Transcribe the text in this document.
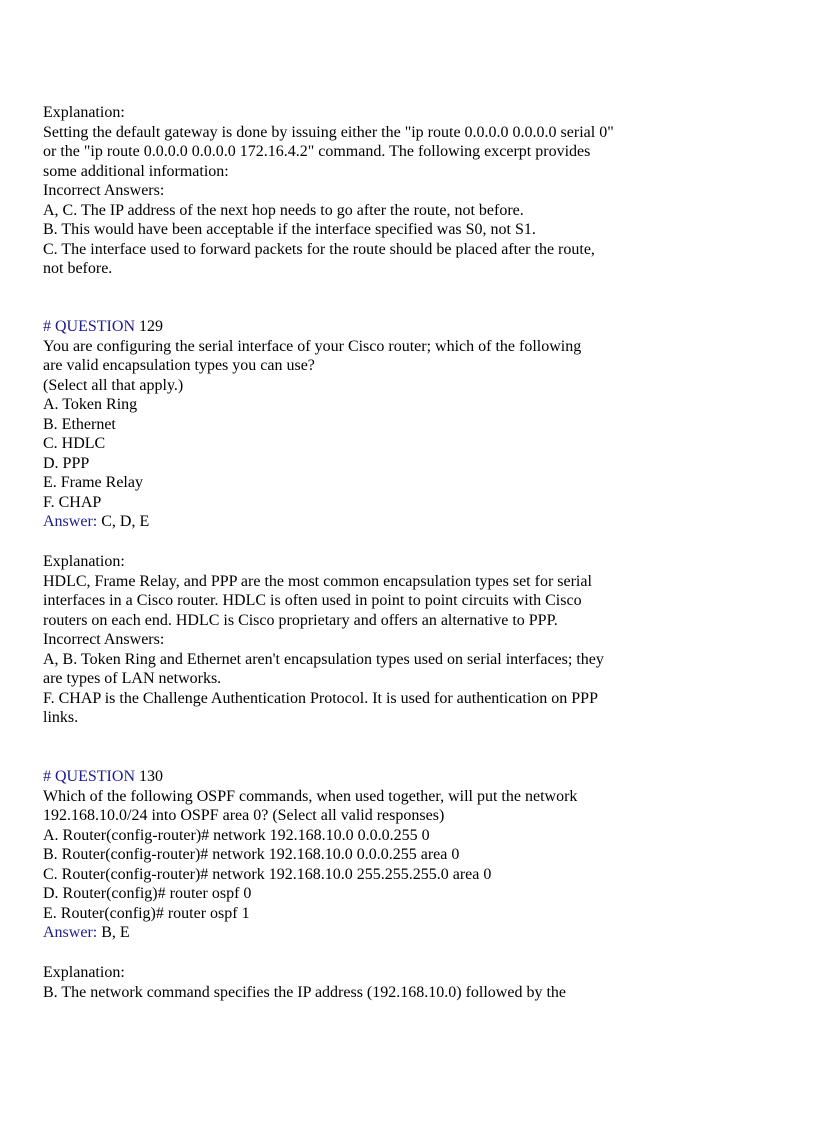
Explanation:
Setting the default gateway is done by issuing either the "ip route 0.0.0.0 0.0.0.0 serial 0"
or the "ip route 0.0.0.0 0.0.0.0 172.16.4.2" command. The following excerpt provides
some additional information:
Incorrect Answers:
A, C. The IP address of the next hop needs to go after the route, not before.
B. This would have been acceptable if the interface specified was S0, not S1.
C. The interface used to forward packets for the route should be placed after the route,
not before.
# QUESTION 129
You are configuring the serial interface of your Cisco router; which of the following
are valid encapsulation types you can use?
(Select all that apply.)
A. Token Ring
B. Ethernet
C. HDLC
D. PPP
E. Frame Relay
F. CHAP
Answer: C, D, E
Explanation:
HDLC, Frame Relay, and PPP are the most common encapsulation types set for serial
interfaces in a Cisco router. HDLC is often used in point to point circuits with Cisco
routers on each end. HDLC is Cisco proprietary and offers an alternative to PPP.
Incorrect Answers:
A, B. Token Ring and Ethernet aren't encapsulation types used on serial interfaces; they
are types of LAN networks.
F. CHAP is the Challenge Authentication Protocol. It is used for authentication on PPP
links.
# QUESTION 130
Which of the following OSPF commands, when used together, will put the network
192.168.10.0/24 into OSPF area 0? (Select all valid responses)
A. Router(config-router)# network 192.168.10.0 0.0.0.255 0
B. Router(config-router)# network 192.168.10.0 0.0.0.255 area 0
C. Router(config-router)# network 192.168.10.0 255.255.255.0 area 0
D. Router(config)# router ospf 0
E. Router(config)# router ospf 1
Answer: B, E
Explanation:
B. The network command specifies the IP address (192.168.10.0) followed by the
